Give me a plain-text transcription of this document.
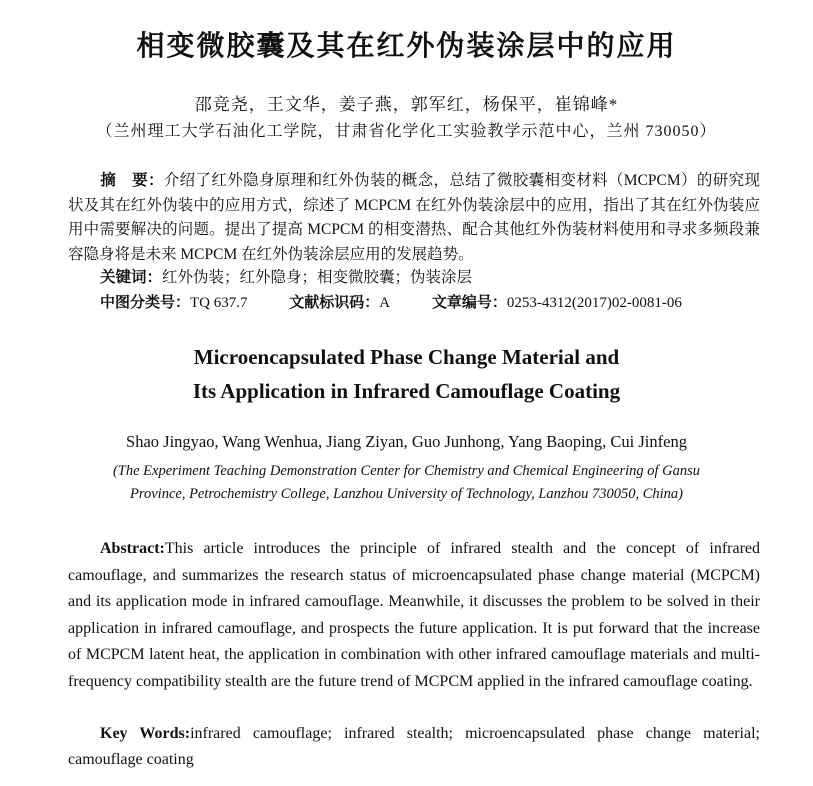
相变微胶囊及其在红外伪装涂层中的应用
邵竞尧，王文华，姜子燕，郭军红，杨保平，崔锦峰*
（兰州理工大学石油化工学院，甘肃省化学化工实验教学示范中心，兰州 730050）
摘　要：介绍了红外隐身原理和红外伪装的概念，总结了微胶囊相变材料（MCPCM）的研究现状及其在红外伪装中的应用方式，综述了 MCPCM 在红外伪装涂层中的应用，指出了其在红外伪装应用中需要解决的问题。提出了提高 MCPCM 的相变潜热、配合其他红外伪装材料使用和寻求多频段兼容隐身将是未来 MCPCM 在红外伪装涂层应用的发展趋势。
关键词：红外伪装；红外隐身；相变微胶囊；伪装涂层
中图分类号：TQ 637.7	文献标识码：A	文章编号：0253-4312(2017)02-0081-06
Microencapsulated Phase Change Material and
Its Application in Infrared Camouflage Coating
Shao Jingyao, Wang Wenhua, Jiang Ziyan, Guo Junhong, Yang Baoping, Cui Jinfeng
(The Experiment Teaching Demonstration Center for Chemistry and Chemical Engineering of Gansu
Province, Petrochemistry College, Lanzhou University of Technology, Lanzhou 730050, China)
Abstract:This article introduces the principle of infrared stealth and the concept of infrared camouflage, and summarizes the research status of microencapsulated phase change material (MCPCM) and its application mode in infrared camouflage. Meanwhile, it discusses the problem to be solved in their application in infrared camouflage, and prospects the future application. It is put forward that the increase of MCPCM latent heat, the application in combination with other infrared camouflage materials and multi-frequency compatibility stealth are the future trend of MCPCM applied in the infrared camouflage coating.
Key Words:infrared camouflage; infrared stealth; microencapsulated phase change material; camouflage coating
